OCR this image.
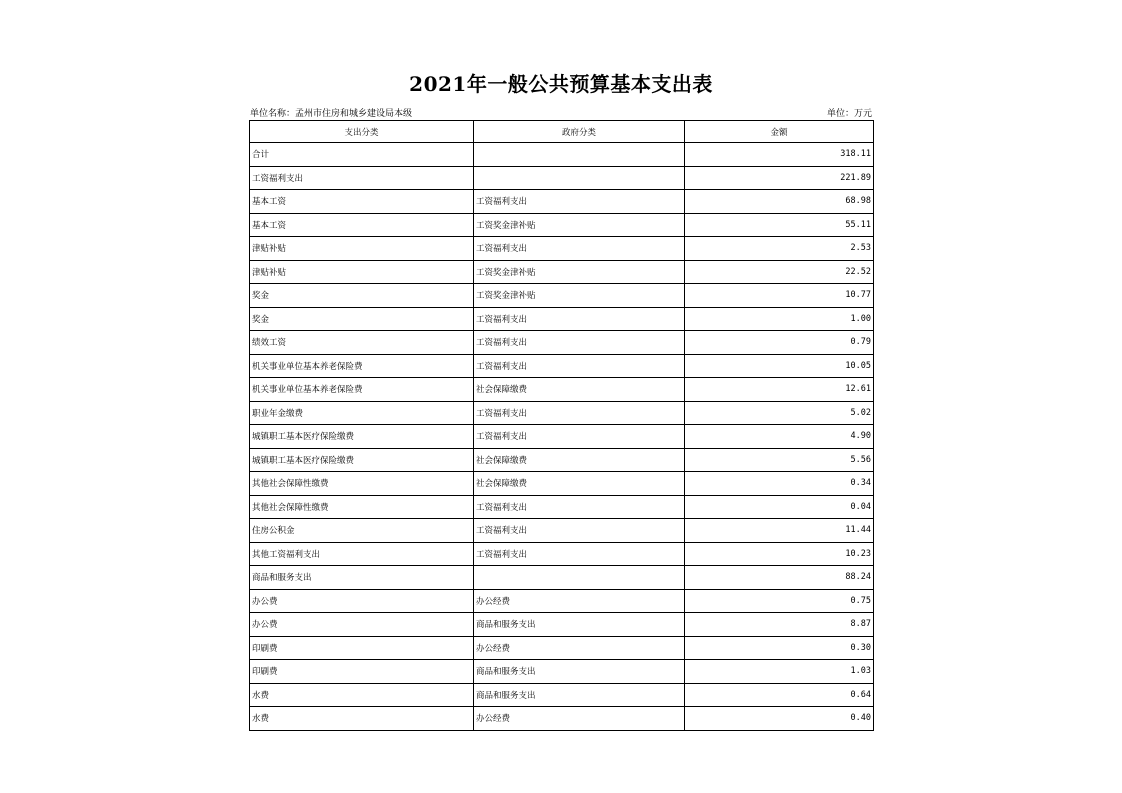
2021年一般公共预算基本支出表
单位名称：孟州市住房和城乡建设局本级	单位：万元
支出分类	政府分类	金额
合计		318.11
工资福利支出		221.89
基本工资	工资福利支出	68.98
基本工资	工资奖金津补贴	55.11
津贴补贴	工资福利支出	2.53
津贴补贴	工资奖金津补贴	22.52
奖金	工资奖金津补贴	10.77
奖金	工资福利支出	1.00
绩效工资	工资福利支出	0.79
机关事业单位基本养老保险费	工资福利支出	10.05
机关事业单位基本养老保险费	社会保障缴费	12.61
职业年金缴费	工资福利支出	5.02
城镇职工基本医疗保险缴费	工资福利支出	4.90
城镇职工基本医疗保险缴费	社会保障缴费	5.56
其他社会保障性缴费	社会保障缴费	0.34
其他社会保障性缴费	工资福利支出	0.04
住房公积金	工资福利支出	11.44
其他工资福利支出	工资福利支出	10.23
商品和服务支出		88.24
办公费	办公经费	0.75
办公费	商品和服务支出	8.87
印刷费	办公经费	0.30
印刷费	商品和服务支出	1.03
水费	商品和服务支出	0.64
水费	办公经费	0.40
